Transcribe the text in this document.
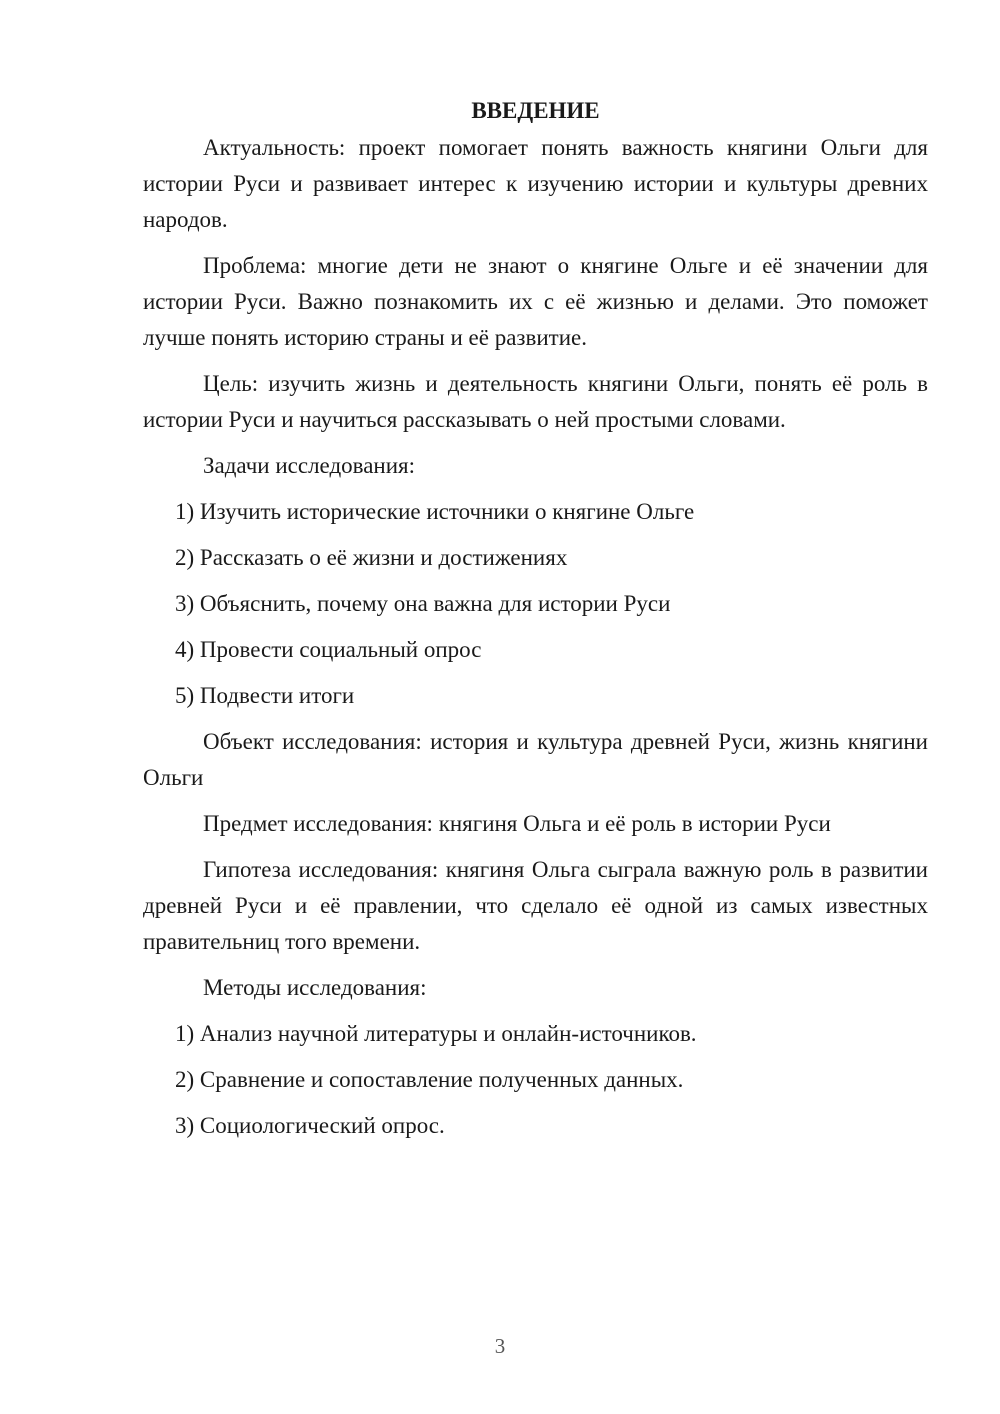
ВВЕДЕНИЕ

Актуальность: проект помогает понять важность княгини Ольги для истории Руси и развивает интерес к изучению истории и культуры древних народов.

Проблема: многие дети не знают о княгине Ольге и её значении для истории Руси. Важно познакомить их с её жизнью и делами. Это поможет лучше понять историю страны и её развитие.

Цель: изучить жизнь и деятельность княгини Ольги, понять её роль в истории Руси и научиться рассказывать о ней простыми словами.

Задачи исследования:

1) Изучить исторические источники о княгине Ольге
2) Рассказать о её жизни и достижениях
3) Объяснить, почему она важна для истории Руси
4) Провести социальный опрос
5) Подвести итоги

Объект исследования: история и культура древней Руси, жизнь княгини Ольги

Предмет исследования: княгиня Ольга и её роль в истории Руси

Гипотеза исследования: княгиня Ольга сыграла важную роль в развитии древней Руси и её правлении, что сделало её одной из самых известных правительниц того времени.

Методы исследования:

1) Анализ научной литературы и онлайн-источников.
2) Сравнение и сопоставление полученных данных.
3) Социологический опрос.
3
